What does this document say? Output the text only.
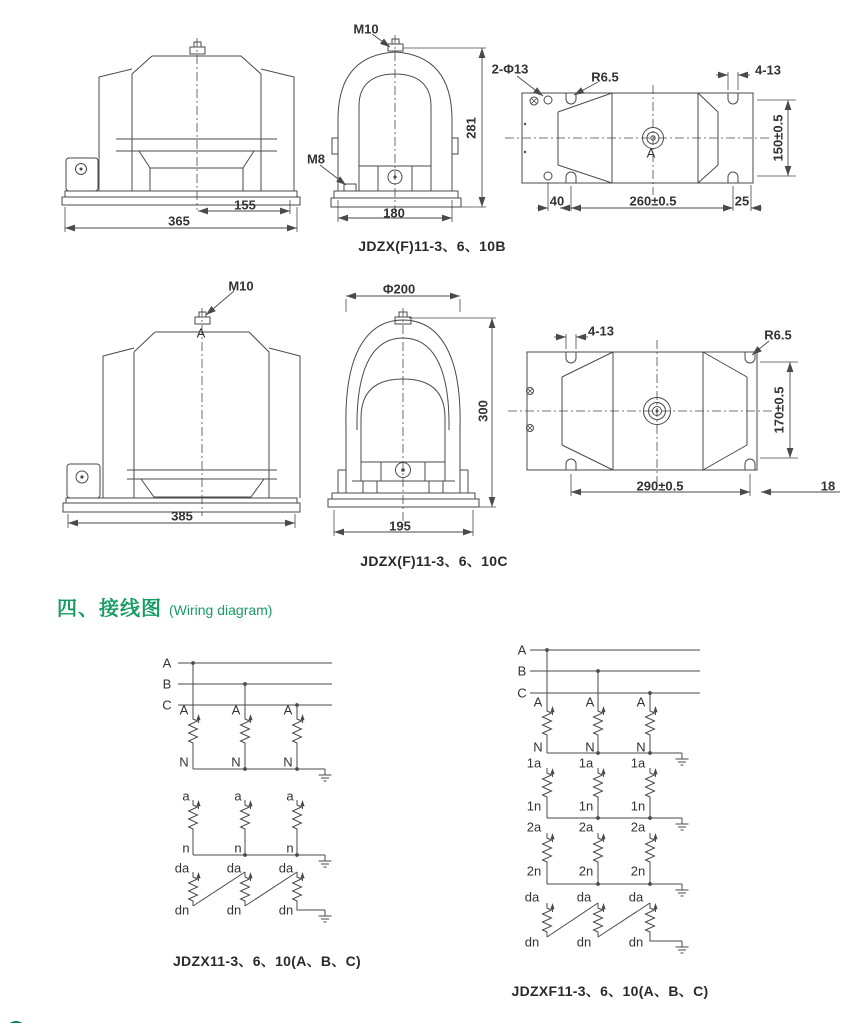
M10
281
M8
180
155
365
2-Φ13
R6.5	4-13
150±0.5
40	260±0.5	25
A
M10
A
385
Φ200
300
195
4-13	R6.5
170±0.5
290±0.5	18
A
B
C A	A	A
N	N	N
a	a	a
n	n	n
da	da	da
dn	dn	dn
A
B
C
A	A	A
N	N	N
1a	1a	1a
1n	1n	1n
2a	2a	2a
2n	2n	2n
da	da	da
dn	dn	dn
JDZX(F)11-3、6、10B
JDZX(F)11-3、6、10C
JDZX11-3、6、10(A、B、C)
JDZXF11-3、6、10(A、B、C)
四、接线图 (Wiring diagram)
